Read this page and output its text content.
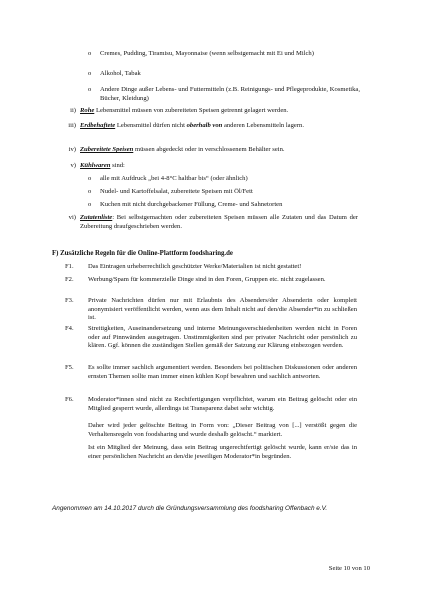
o Cremes, Pudding, Tiramisu, Mayonnaise (wenn selbstgemacht mit Ei und Milch)
o Alkohol, Tabak
o Andere Dinge außer Lebens- und Futtermitteln (z.B. Reinigungs- und Pflegeprodukte, Kosmetika, Bücher, Kleidung)
ii) Rohe Lebensmittel müssen von zubereiteten Speisen getrennt gelagert werden.
iii) Erdbehaftete Lebensmittel dürfen nicht oberhalb von anderen Lebensmitteln lagern.
iv) Zubereitete Speisen müssen abgedeckt oder in verschlossenem Behälter sein.
v) Kühlwaren sind:
o alle mit Aufdruck „bei 4-8°C haltbar bis“ (oder ähnlich)
o Nudel- und Kartoffelsalat, zubereitete Speisen mit Öl/Fett
o Kuchen mit nicht durchgebackener Füllung, Creme- und Sahnetorten
vi) Zutatenliste: Bei selbstgemachten oder zubereiteten Speisen müssen alle Zutaten und das Datum der Zubereitung draufgeschrieben werden.
F) Zusätzliche Regeln für die Online-Plattform foodsharing.de
F1. Das Eintragen urheberrechtlich geschützter Werke/Materialien ist nicht gestattet!
F2. Werbung/Spam für kommerzielle Dinge sind in den Foren, Gruppen etc. nicht zugelassen.
F3. Private Nachrichten dürfen nur mit Erlaubnis des Absenders/der Absenderin oder komplett anonymisiert veröffentlicht werden, wenn aus dem Inhalt nicht auf den/die Absender*in zu schließen ist.
F4. Streitigkeiten, Auseinandersetzung und interne Meinungsverschiedenheiten werden nicht in Foren oder auf Pinnwänden ausgetragen. Unstimmigkeiten sind per privater Nachricht oder persönlich zu klären. Ggf. können die zuständigen Stellen gemäß der Satzung zur Klärung einbezogen werden.
F5. Es sollte immer sachlich argumentiert werden. Besonders bei politischen Diskussionen oder anderen ernsten Themen sollte man immer einen kühlen Kopf bewahren und sachlich antworten.
F6. Moderator*innen sind nicht zu Rechtfertigungen verpflichtet, warum ein Beitrag gelöscht oder ein Mitglied gesperrt wurde, allerdings ist Transparenz dabei sehr wichtig.
Daher wird jeder gelöschte Beitrag in Form von: „Dieser Beitrag von [...] verstößt gegen die Verhaltensregeln von foodsharing und wurde deshalb gelöscht.“ markiert.
Ist ein Mitglied der Meinung, dass sein Beitrag ungerechtfertigt gelöscht wurde, kann er/sie das in einer persönlichen Nachricht an den/die jeweiligen Moderator*in begründen.
Angenommen am 14.10.2017 durch die Gründungsversammlung des foodsharing Offenbach e.V.
Seite 10 von 10
